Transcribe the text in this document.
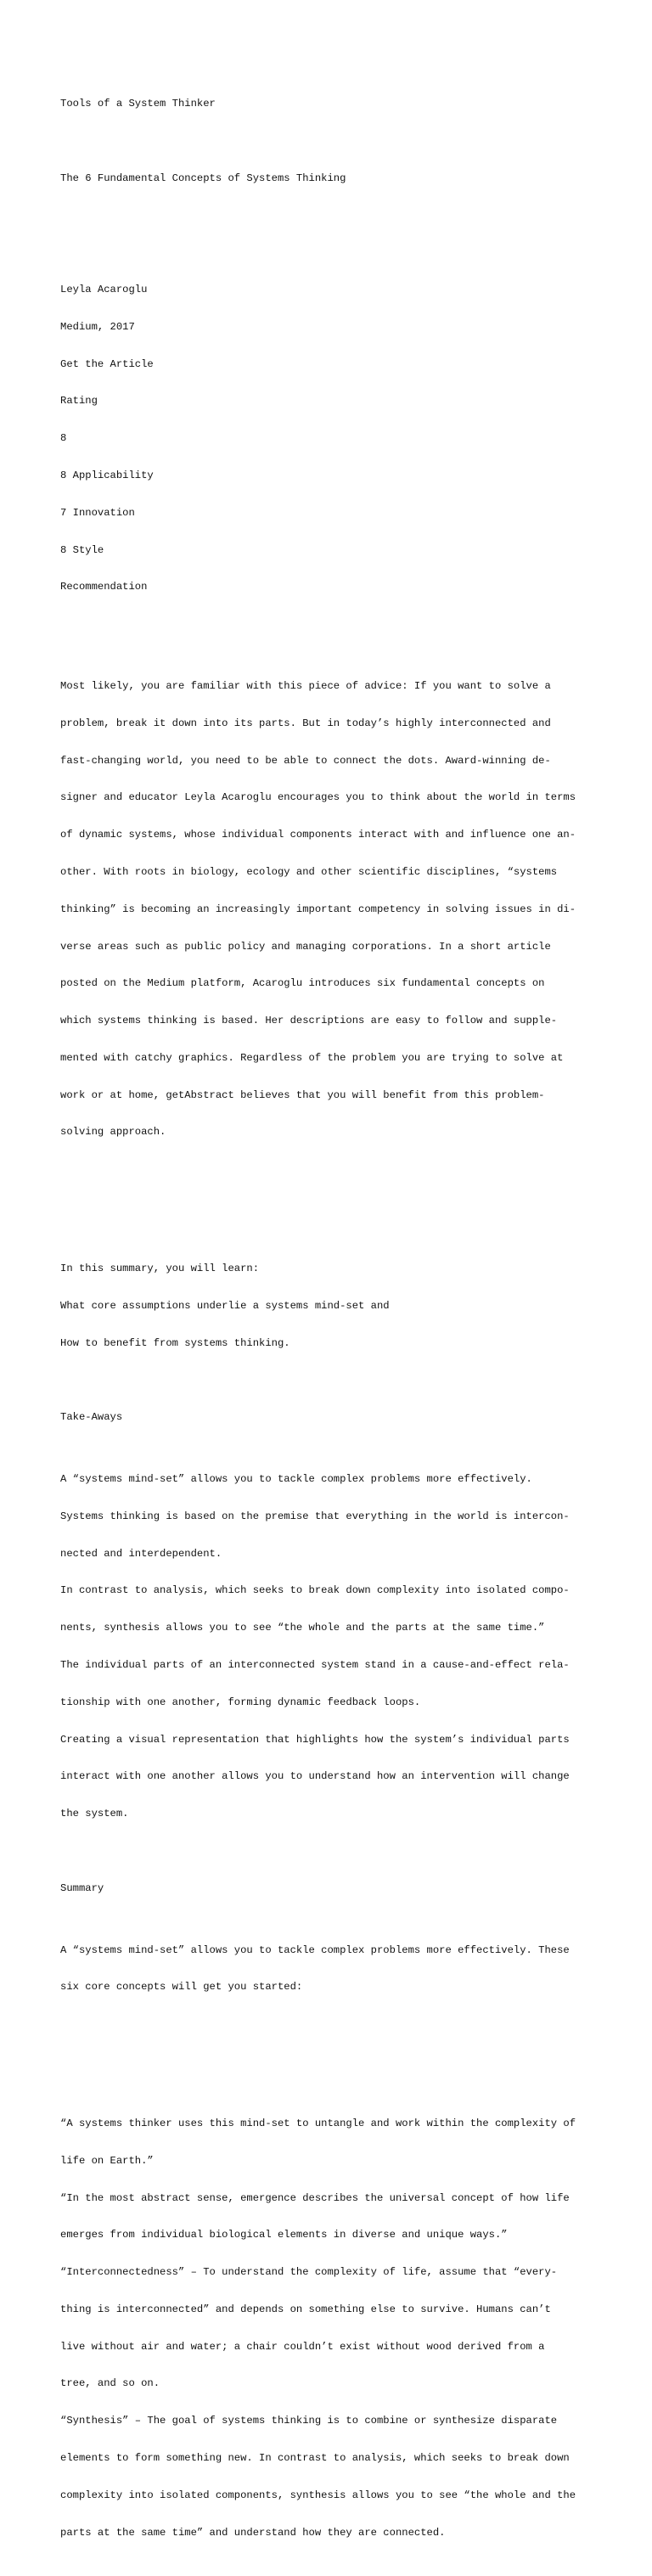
Tools of a System Thinker

The 6 Fundamental Concepts of Systems Thinking

Leyla Acaroglu

Medium, 2017

Get the Article

Rating

8

8 Applicability

7 Innovation

8 Style

Recommendation

Most likely, you are familiar with this piece of advice: If you want to solve a

problem, break it down into its parts. But in today’s highly interconnected and

fast-changing world, you need to be able to connect the dots. Award-winning de-

signer and educator Leyla Acaroglu encourages you to think about the world in terms

of dynamic systems, whose individual components interact with and influence one an-

other. With roots in biology, ecology and other scientific disciplines, “systems

thinking” is becoming an increasingly important competency in solving issues in di-

verse areas such as public policy and managing corporations. In a short article

posted on the Medium platform, Acaroglu introduces six fundamental concepts on

which systems thinking is based. Her descriptions are easy to follow and supple-

mented with catchy graphics. Regardless of the problem you are trying to solve at

work or at home, getAbstract believes that you will benefit from this problem-

solving approach.

In this summary, you will learn:

What core assumptions underlie a systems mind-set and

How to benefit from systems thinking.

Take-Aways

A “systems mind-set” allows you to tackle complex problems more effectively.

Systems thinking is based on the premise that everything in the world is intercon-

nected and interdependent.

In contrast to analysis, which seeks to break down complexity into isolated compo-

nents, synthesis allows you to see “the whole and the parts at the same time.”

The individual parts of an interconnected system stand in a cause-and-effect rela-

tionship with one another, forming dynamic feedback loops.

Creating a visual representation that highlights how the system’s individual parts

interact with one another allows you to understand how an intervention will change

the system.

Summary

A “systems mind-set” allows you to tackle complex problems more effectively. These

six core concepts will get you started:

“A systems thinker uses this mind-set to untangle and work within the complexity of

life on Earth.”

“In the most abstract sense, emergence describes the universal concept of how life

emerges from individual biological elements in diverse and unique ways.”

“Interconnectedness” – To understand the complexity of life, assume that “every-

thing is interconnected” and depends on something else to survive. Humans can’t

live without air and water; a chair couldn’t exist without wood derived from a

tree, and so on.

“Synthesis” – The goal of systems thinking is to combine or synthesize disparate

elements to form something new. In contrast to analysis, which seeks to break down

complexity into isolated components, synthesis allows you to see “the whole and the

parts at the same time” and understand how they are connected.
